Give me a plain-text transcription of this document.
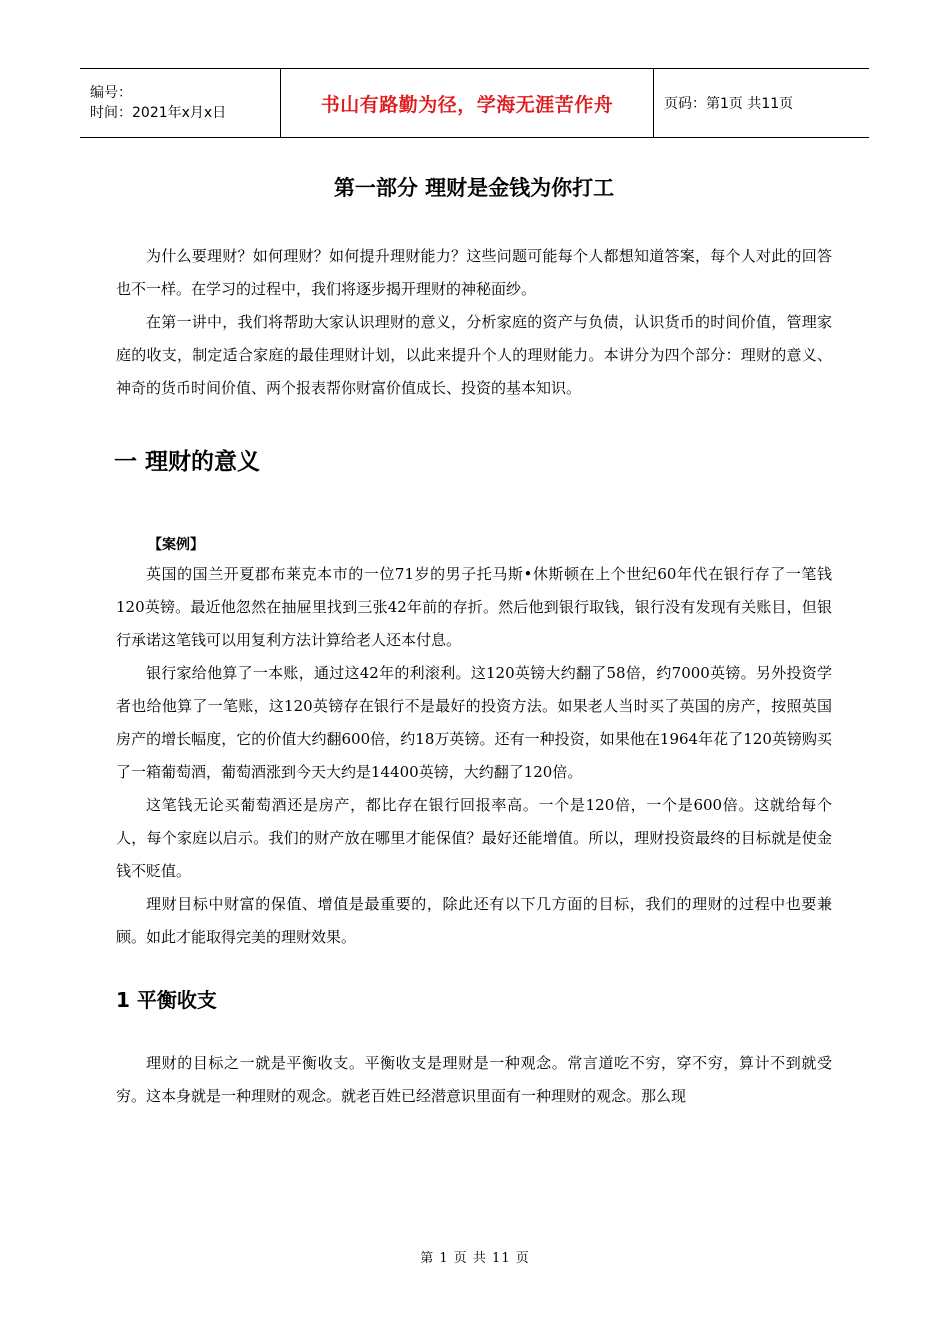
编号：
时间：2021年x月x日	书山有路勤为径，学海无涯苦作舟	页码：第1页 共11页
第一部分 理财是金钱为你打工

为什么要理财？如何理财？如何提升理财能力？这些问题可能每个人都想知道答案，每个人对此的回答也不一样。在学习的过程中，我们将逐步揭开理财的神秘面纱。

在第一讲中，我们将帮助大家认识理财的意义，分析家庭的资产与负债，认识货币的时间价值，管理家庭的收支，制定适合家庭的最佳理财计划，以此来提升个人的理财能力。本讲分为四个部分：理财的意义、神奇的货币时间价值、两个报表帮你财富价值成长、投资的基本知识。

一 理财的意义
【案例】

英国的国兰开夏郡布莱克本市的一位71岁的男子托马斯•休斯顿在上个世纪60年代在银行存了一笔钱120英镑。最近他忽然在抽屉里找到三张42年前的存折。然后他到银行取钱，银行没有发现有关账目，但银行承诺这笔钱可以用复利方法计算给老人还本付息。

银行家给他算了一本账，通过这42年的利滚利。这120英镑大约翻了58倍，约7000英镑。另外投资学者也给他算了一笔账，这120英镑存在银行不是最好的投资方法。如果老人当时买了英国的房产，按照英国房产的增长幅度，它的价值大约翻600倍，约18万英镑。还有一种投资，如果他在1964年花了120英镑购买了一箱葡萄酒，葡萄酒涨到今天大约是14400英镑，大约翻了120倍。

这笔钱无论买葡萄酒还是房产，都比存在银行回报率高。一个是120倍，一个是600倍。这就给每个人，每个家庭以启示。我们的财产放在哪里才能保值？最好还能增值。所以，理财投资最终的目标就是使金钱不贬值。

理财目标中财富的保值、增值是最重要的，除此还有以下几方面的目标，我们的理财的过程中也要兼顾。如此才能取得完美的理财效果。

1 平衡收支

理财的目标之一就是平衡收支。平衡收支是理财是一种观念。常言道吃不穷，穿不穷，算计不到就受穷。这本身就是一种理财的观念。就老百姓已经潜意识里面有一种理财的观念。那么现

第 1 页 共 11 页
